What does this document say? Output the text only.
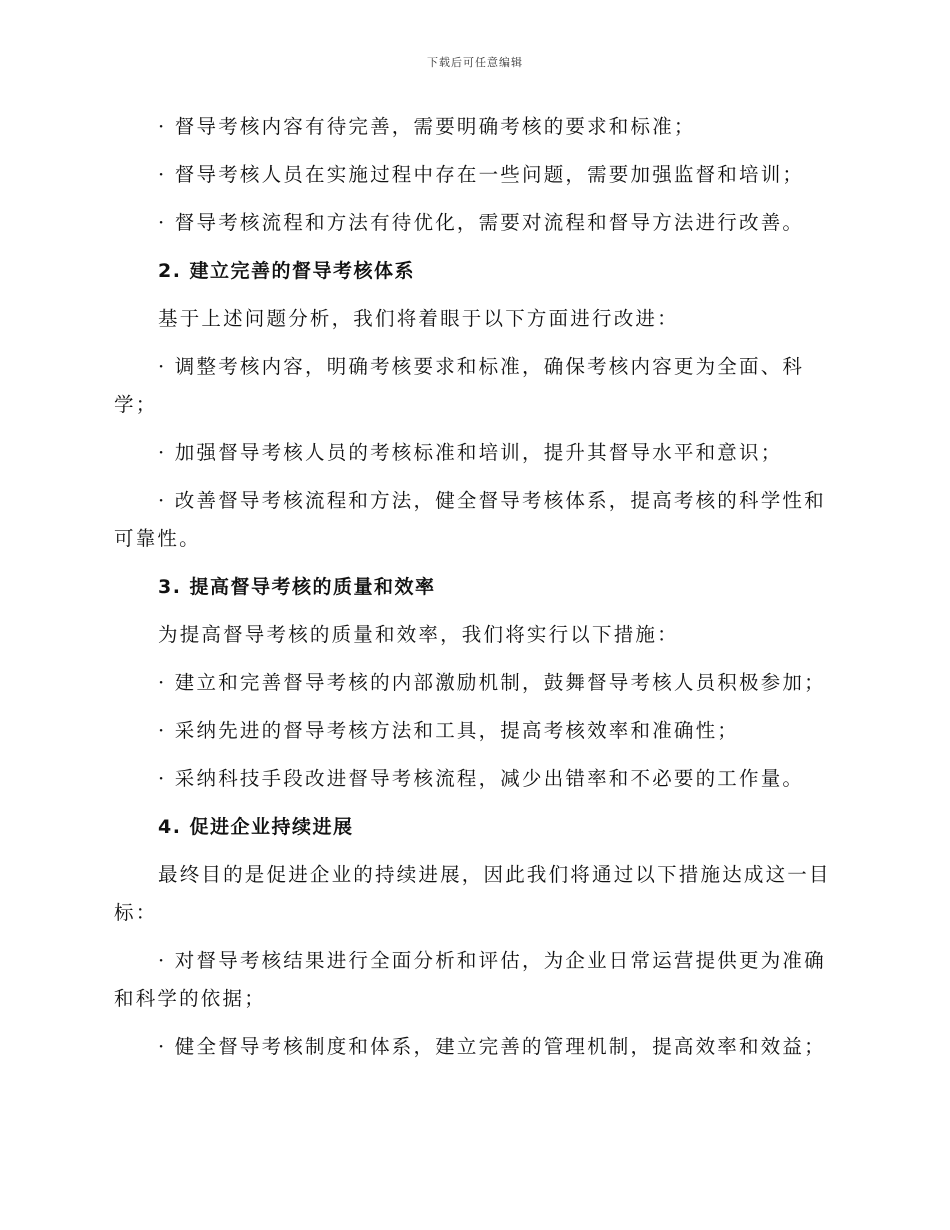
下载后可任意编辑

· 督导考核内容有待完善，需要明确考核的要求和标准；

· 督导考核人员在实施过程中存在一些问题，需要加强监督和培训；

· 督导考核流程和方法有待优化，需要对流程和督导方法进行改善。

2. 建立完善的督导考核体系

基于上述问题分析，我们将着眼于以下方面进行改进：

· 调整考核内容，明确考核要求和标准，确保考核内容更为全面、科学；

· 加强督导考核人员的考核标准和培训，提升其督导水平和意识；

· 改善督导考核流程和方法，健全督导考核体系，提高考核的科学性和可靠性。

3. 提高督导考核的质量和效率

为提高督导考核的质量和效率，我们将实行以下措施：

· 建立和完善督导考核的内部激励机制，鼓舞督导考核人员积极参加；

· 采纳先进的督导考核方法和工具，提高考核效率和准确性；

· 采纳科技手段改进督导考核流程，减少出错率和不必要的工作量。

4. 促进企业持续进展

最终目的是促进企业的持续进展，因此我们将通过以下措施达成这一目标：

· 对督导考核结果进行全面分析和评估，为企业日常运营提供更为准确和科学的依据；

· 健全督导考核制度和体系，建立完善的管理机制，提高效率和效益；
